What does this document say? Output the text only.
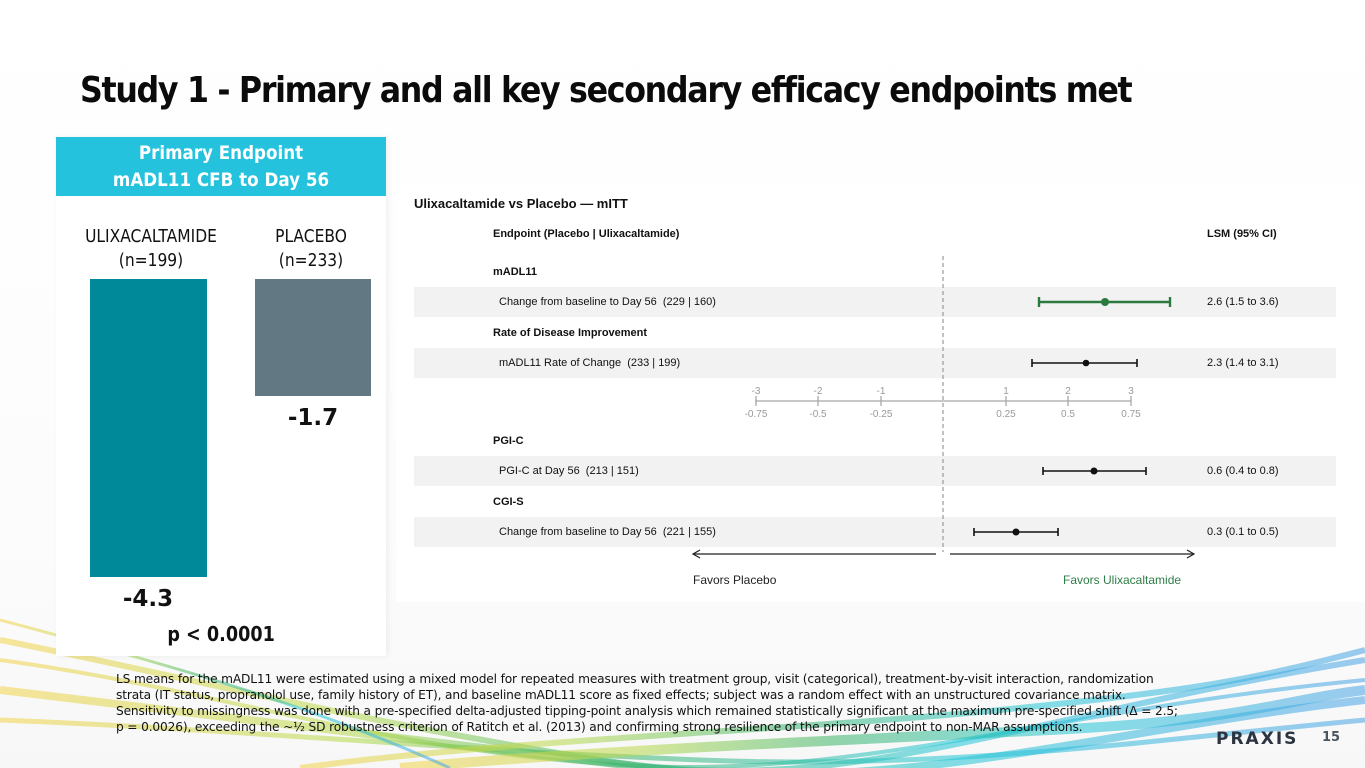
Study 1 - Primary and all key secondary efficacy endpoints met
Primary Endpoint
mADL11 CFB to Day 56
ULIXACALTAMIDE
(n=199)
PLACEBO
(n=233)
-4.3
-1.7
p < 0.0001
Ulixacaltamide vs Placebo — mITT
Endpoint (Placebo | Ulixacaltamide)	LSM (95% CI)
mADL11
Change from baseline to Day 56  (229 | 160)	2.6 (1.5 to 3.6)
Rate of Disease Improvement
mADL11 Rate of Change  (233 | 199)	2.3 (1.4 to 3.1)
PGI-C
PGI-C at Day 56  (213 | 151)	0.6 (0.4 to 0.8)
CGI-S
Change from baseline to Day 56  (221 | 155)	0.3 (0.1 to 0.5)
-3	-2	-1	1	2	3
-0.75	-0.5	-0.25	0.25	0.5	0.75
Favors Placebo	Favors Ulixacaltamide
LS means for the mADL11 were estimated using a mixed model for repeated measures with treatment group, visit (categorical), treatment-by-visit interaction, randomization strata (IT status, propranolol use, family history of ET), and baseline mADL11 score as fixed effects; subject was a random effect with an unstructured covariance matrix. Sensitivity to missingness was done with a pre-specified delta-adjusted tipping-point analysis which remained statistically significant at the maximum pre-specified shift (Δ = 2.5; p = 0.0026), exceeding the ~½ SD robustness criterion of Ratitch et al. (2013) and confirming strong resilience of the primary endpoint to non-MAR assumptions.
PRAXIS 15
